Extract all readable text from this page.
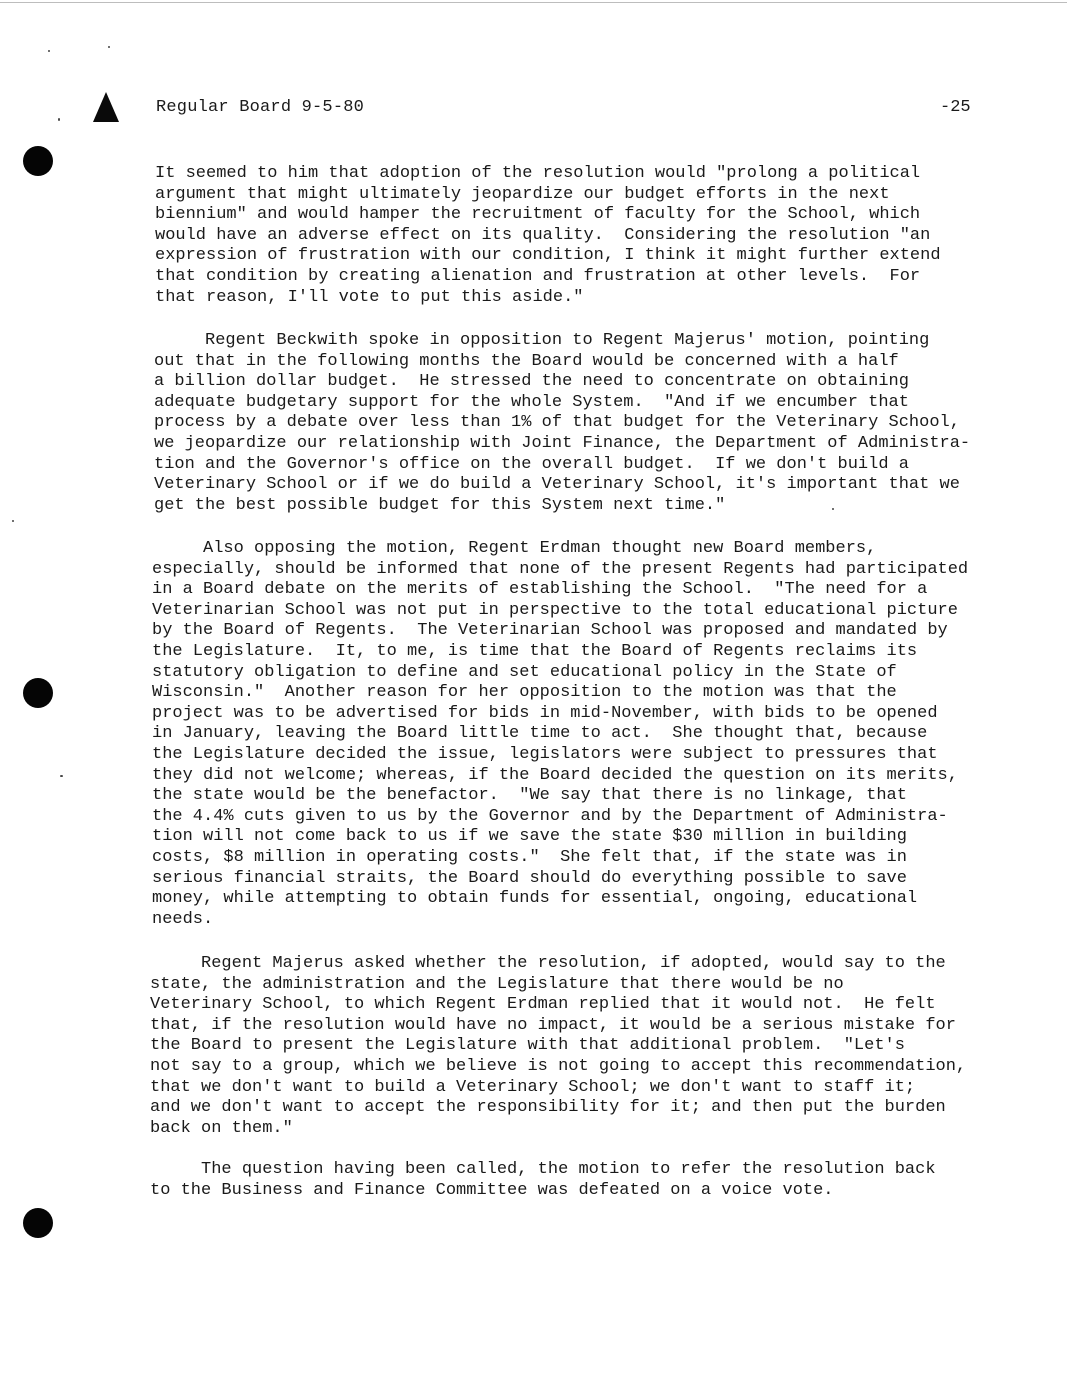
Regular Board 9-5-80	-25

It seemed to him that adoption of the resolution would "prolong a political
argument that might ultimately jeopardize our budget efforts in the next
biennium" and would hamper the recruitment of faculty for the School, which
would have an adverse effect on its quality.  Considering the resolution "an
expression of frustration with our condition, I think it might further extend
that condition by creating alienation and frustration at other levels.  For
that reason, I'll vote to put this aside."

Regent Beckwith spoke in opposition to Regent Majerus' motion, pointing
out that in the following months the Board would be concerned with a half
a billion dollar budget.  He stressed the need to concentrate on obtaining
adequate budgetary support for the whole System.  "And if we encumber that
process by a debate over less than 1% of that budget for the Veterinary School,
we jeopardize our relationship with Joint Finance, the Department of Administra-
tion and the Governor's office on the overall budget.  If we don't build a
Veterinary School or if we do build a Veterinary School, it's important that we
get the best possible budget for this System next time."

Also opposing the motion, Regent Erdman thought new Board members,
especially, should be informed that none of the present Regents had participated
in a Board debate on the merits of establishing the School.  "The need for a
Veterinarian School was not put in perspective to the total educational picture
by the Board of Regents.  The Veterinarian School was proposed and mandated by
the Legislature.  It, to me, is time that the Board of Regents reclaims its
statutory obligation to define and set educational policy in the State of
Wisconsin."  Another reason for her opposition to the motion was that the
project was to be advertised for bids in mid-November, with bids to be opened
in January, leaving the Board little time to act.  She thought that, because
the Legislature decided the issue, legislators were subject to pressures that
they did not welcome; whereas, if the Board decided the question on its merits,
the state would be the benefactor.  "We say that there is no linkage, that
the 4.4% cuts given to us by the Governor and by the Department of Administra-
tion will not come back to us if we save the state $30 million in building
costs, $8 million in operating costs."  She felt that, if the state was in
serious financial straits, the Board should do everything possible to save
money, while attempting to obtain funds for essential, ongoing, educational
needs.

Regent Majerus asked whether the resolution, if adopted, would say to the
state, the administration and the Legislature that there would be no
Veterinary School, to which Regent Erdman replied that it would not.  He felt
that, if the resolution would have no impact, it would be a serious mistake for
the Board to present the Legislature with that additional problem.  "Let's
not say to a group, which we believe is not going to accept this recommendation,
that we don't want to build a Veterinary School; we don't want to staff it;
and we don't want to accept the responsibility for it; and then put the burden
back on them."

The question having been called, the motion to refer the resolution back
to the Business and Finance Committee was defeated on a voice vote.
